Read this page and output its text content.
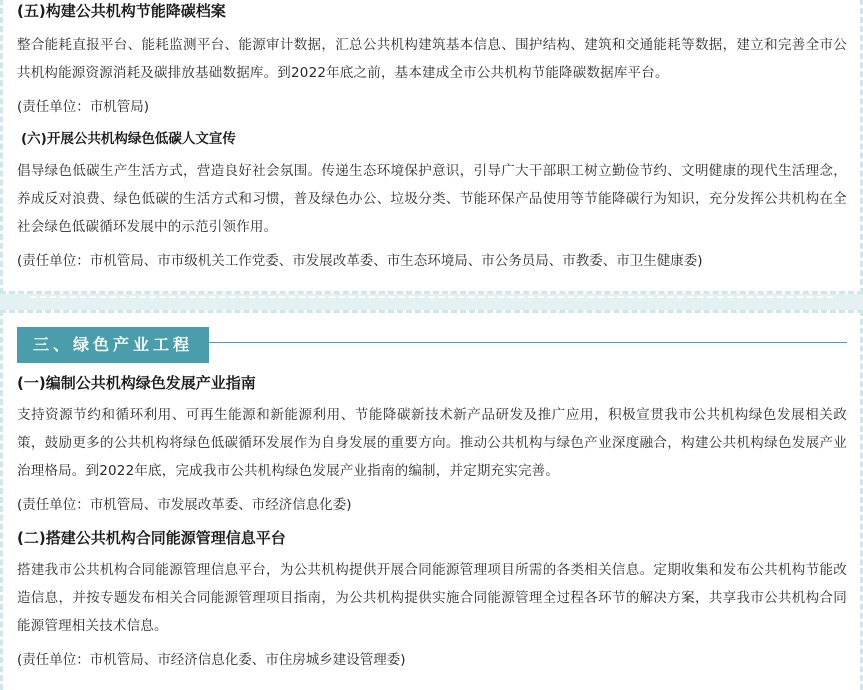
(五)构建公共机构节能降碳档案

整合能耗直报平台、能耗监测平台、能源审计数据，汇总公共机构建筑基本信息、围护结构、建筑和交通能耗等数据，建立和完善全市公共机构能源资源消耗及碳排放基础数据库。到2022年底之前，基本建成全市公共机构节能降碳数据库平台。

(责任单位：市机管局)
(六)开展公共机构绿色低碳人文宣传

倡导绿色低碳生产生活方式，营造良好社会氛围。传递生态环境保护意识，引导广大干部职工树立勤俭节约、文明健康的现代生活理念，养成反对浪费、绿色低碳的生活方式和习惯，普及绿色办公、垃圾分类、节能环保产品使用等节能降碳行为知识，充分发挥公共机构在全社会绿色低碳循环发展中的示范引领作用。

(责任单位：市机管局、市市级机关工作党委、市发展改革委、市生态环境局、市公务员局、市教委、市卫生健康委)
三、绿色产业工程
(一)编制公共机构绿色发展产业指南

支持资源节约和循环利用、可再生能源和新能源利用、节能降碳新技术新产品研发及推广应用，积极宣贯我市公共机构绿色发展相关政策，鼓励更多的公共机构将绿色低碳循环发展作为自身发展的重要方向。推动公共机构与绿色产业深度融合，构建公共机构绿色发展产业治理格局。到2022年底，完成我市公共机构绿色发展产业指南的编制，并定期充实完善。

(责任单位：市机管局、市发展改革委、市经济信息化委)
(二)搭建公共机构合同能源管理信息平台

搭建我市公共机构合同能源管理信息平台，为公共机构提供开展合同能源管理项目所需的各类相关信息。定期收集和发布公共机构节能改造信息，并按专题发布相关合同能源管理项目指南，为公共机构提供实施合同能源管理全过程各环节的解决方案，共享我市公共机构合同能源管理相关技术信息。

(责任单位：市机管局、市经济信息化委、市住房城乡建设管理委)
